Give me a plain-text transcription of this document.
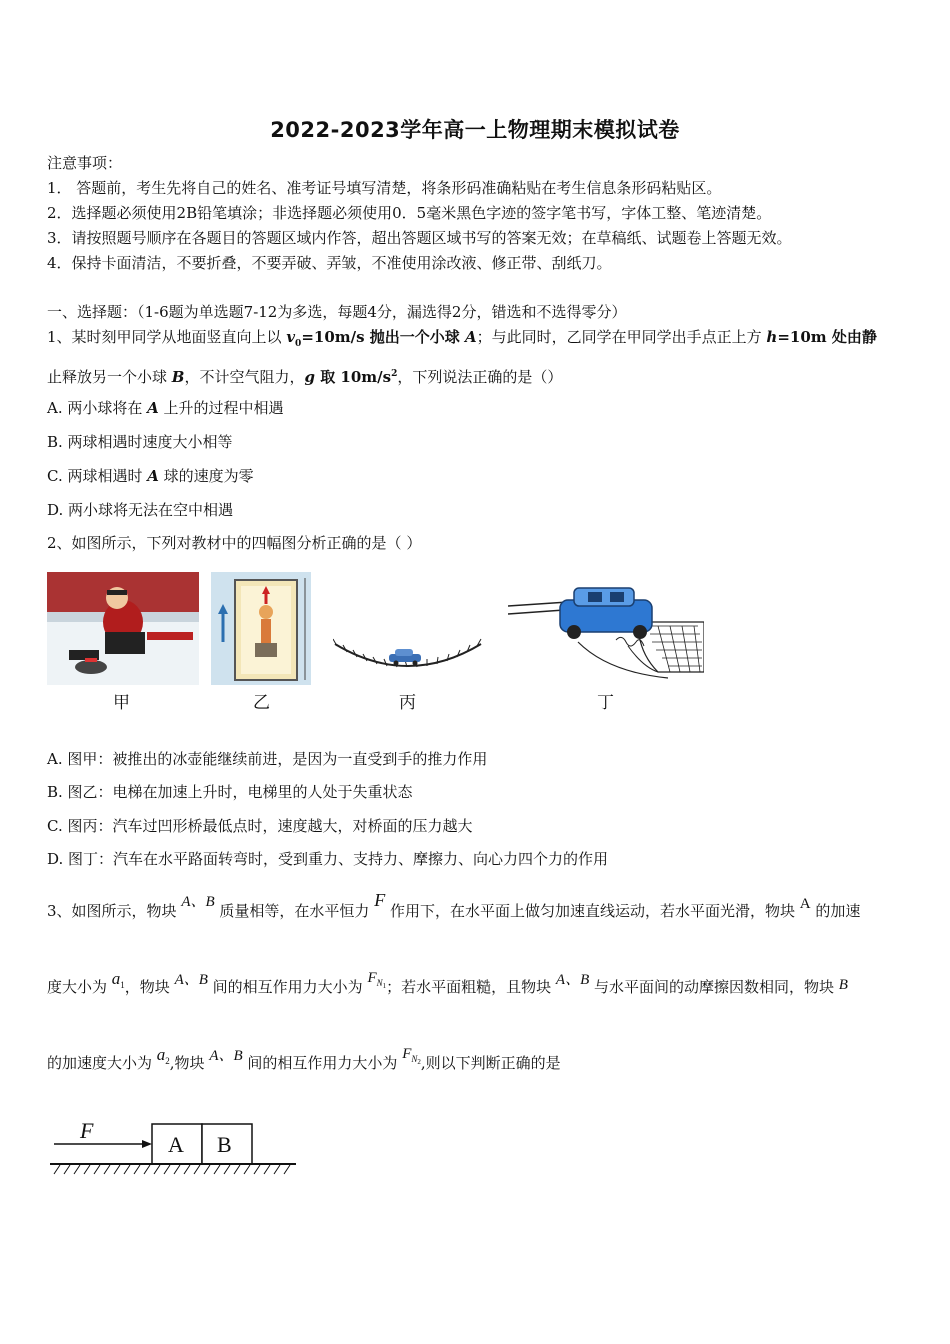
2022-2023学年高一上物理期末模拟试卷
注意事项：
1． 答题前，考生先将自己的姓名、准考证号填写清楚，将条形码准确粘贴在考生信息条形码粘贴区。
2．选择题必须使用2B铅笔填涂；非选择题必须使用0．5毫米黑色字迹的签字笔书写，字体工整、笔迹清楚。
3．请按照题号顺序在各题目的答题区域内作答，超出答题区域书写的答案无效；在草稿纸、试题卷上答题无效。
4．保持卡面清洁，不要折叠，不要弄破、弄皱，不准使用涂改液、修正带、刮纸刀。
一、选择题：（1-6题为单选题7-12为多选，每题4分，漏选得2分，错选和不选得零分）
1、某时刻甲同学从地面竖直向上以 $v_0=10m/s$ 抛出一个小球 A；与此同时，乙同学在甲同学出手点正上方 h=10m 处由静
止释放另一个小球 B，不计空气阻力，g 取 $10m/s^2$，下列说法正确的是（）
A. 两小球将在 A 上升的过程中相遇
B. 两球相遇时速度大小相等
C. 两球相遇时 A 球的速度为零
D. 两小球将无法在空中相遇
2、如图所示，下列对教材中的四幅图分析正确的是（ ）
甲	乙	丙	丁
A. 图甲：被推出的冰壶能继续前进，是因为一直受到手的推力作用
B. 图乙：电梯在加速上升时，电梯里的人处于失重状态
C. 图丙：汽车过凹形桥最低点时，速度越大，对桥面的压力越大
D. 图丁：汽车在水平路面转弯时，受到重力、支持力、摩擦力、向心力四个力的作用
3、如图所示，物块 A、B 质量相等，在水平恒力 F 作用下，在水平面上做匀加速直线运动，若水平面光滑，物块 A 的加速
度大小为 $a_1$，物块 A、B 间的相互作用力大小为 $F_{N1}$；若水平面粗糙，且物块 A、B 与水平面间的动摩擦因数相同，物块 B
的加速度大小为 $a_2$,物块 A、B 间的相互作用力大小为 $F_{N2}$,则以下判断正确的是
F
A B
